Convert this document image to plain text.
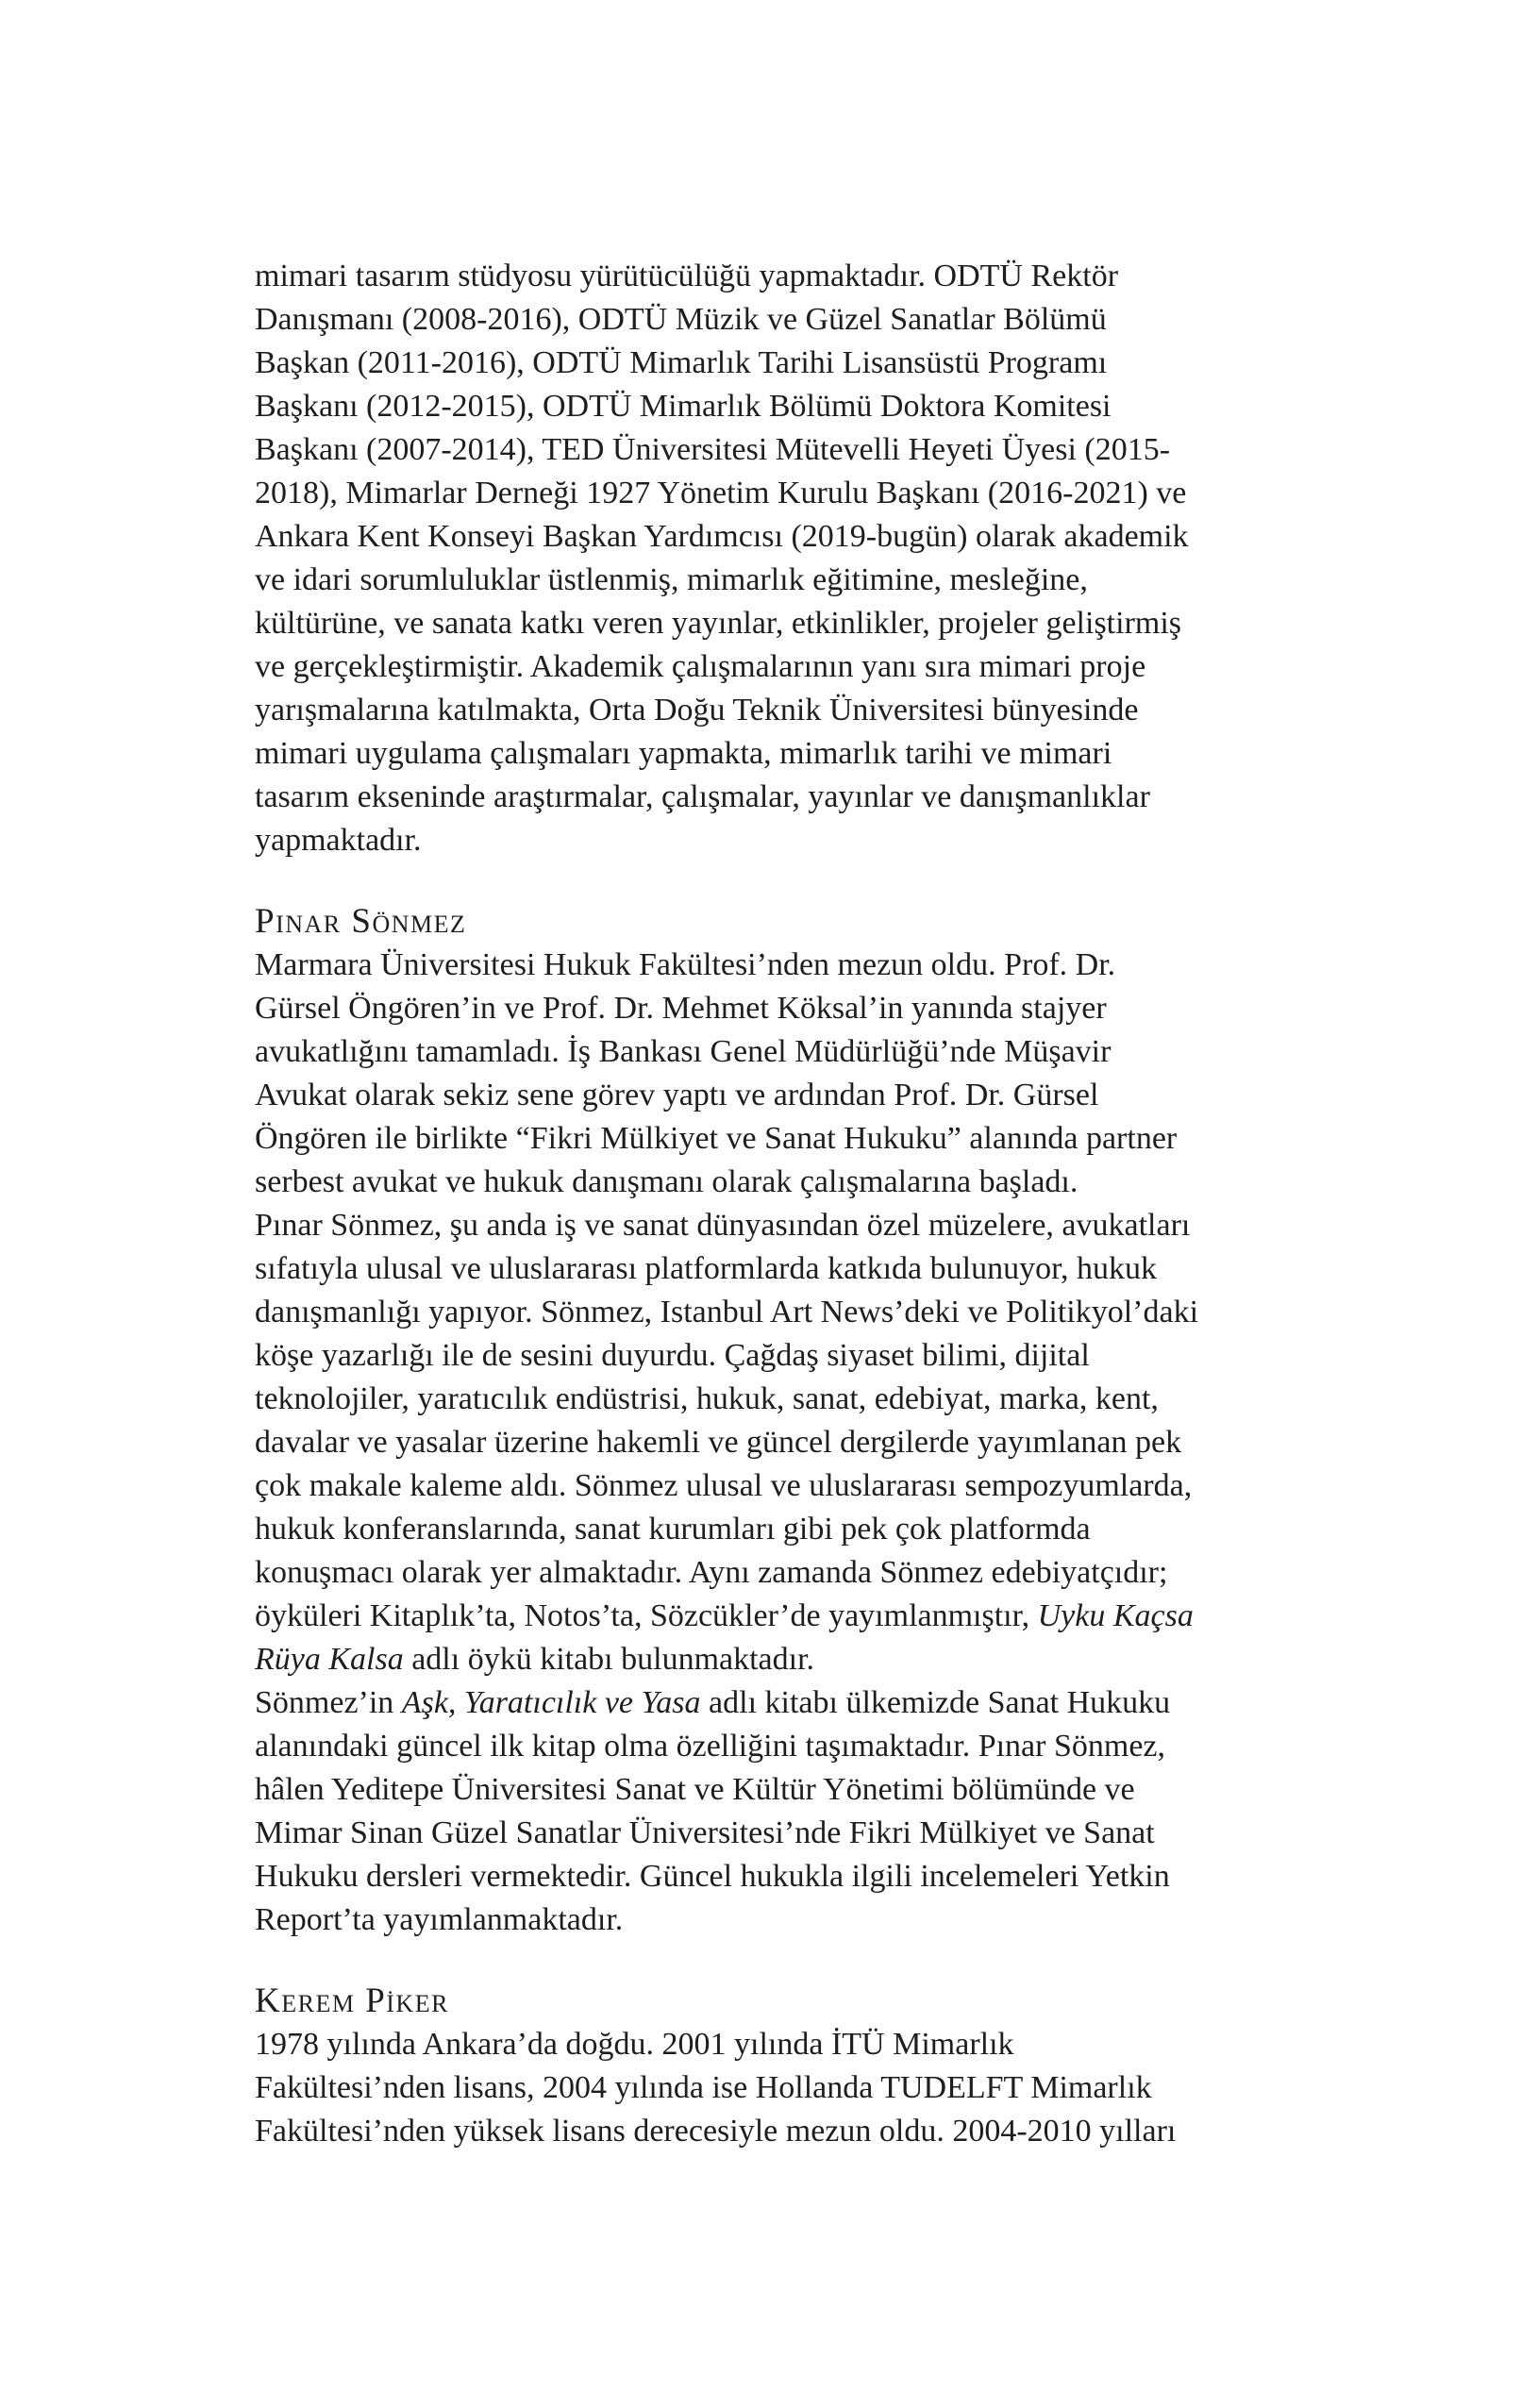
mimari tasarım stüdyosu yürütücülüğü yapmaktadır. ODTÜ Rektör
Danışmanı (2008-2016), ODTÜ Müzik ve Güzel Sanatlar Bölümü
Başkan (2011-2016), ODTÜ Mimarlık Tarihi Lisansüstü Programı
Başkanı (2012-2015), ODTÜ Mimarlık Bölümü Doktora Komitesi
Başkanı (2007-2014), TED Üniversitesi Mütevelli Heyeti Üyesi (2015-
2018), Mimarlar Derneği 1927 Yönetim Kurulu Başkanı (2016-2021) ve
Ankara Kent Konseyi Başkan Yardımcısı (2019-bugün) olarak akademik
ve idari sorumluluklar üstlenmiş, mimarlık eğitimine, mesleğine,
kültürüne, ve sanata katkı veren yayınlar, etkinlikler, projeler geliştirmiş
ve gerçekleştirmiştir. Akademik çalışmalarının yanı sıra mimari proje
yarışmalarına katılmakta, Orta Doğu Teknik Üniversitesi bünyesinde
mimari uygulama çalışmaları yapmakta, mimarlık tarihi ve mimari
tasarım ekseninde araştırmalar, çalışmalar, yayınlar ve danışmanlıklar
yapmaktadır.
Pınar Sönmez
Marmara Üniversitesi Hukuk Fakültesi’nden mezun oldu. Prof. Dr.
Gürsel Öngören’in ve Prof. Dr. Mehmet Köksal’in yanında stajyer
avukatlığını tamamladı. İş Bankası Genel Müdürlüğü’nde Müşavir
Avukat olarak sekiz sene görev yaptı ve ardından Prof. Dr. Gürsel
Öngören ile birlikte “Fikri Mülkiyet ve Sanat Hukuku” alanında partner
serbest avukat ve hukuk danışmanı olarak çalışmalarına başladı.
Pınar Sönmez, şu anda iş ve sanat dünyasından özel müzelere, avukatları
sıfatıyla ulusal ve uluslararası platformlarda katkıda bulunuyor, hukuk
danışmanlığı yapıyor. Sönmez, Istanbul Art News’deki ve Politikyol’daki
köşe yazarlığı ile de sesini duyurdu. Çağdaş siyaset bilimi, dijital
teknolojiler, yaratıcılık endüstrisi, hukuk, sanat, edebiyat, marka, kent,
davalar ve yasalar üzerine hakemli ve güncel dergilerde yayımlanan pek
çok makale kaleme aldı. Sönmez ulusal ve uluslararası sempozyumlarda,
hukuk konferanslarında, sanat kurumları gibi pek çok platformda
konuşmacı olarak yer almaktadır. Aynı zamanda Sönmez edebiyatçıdır;
öyküleri Kitaplık’ta, Notos’ta, Sözcükler’de yayımlanmıştır, Uyku Kaçsa
Rüya Kalsa adlı öykü kitabı bulunmaktadır.
Sönmez’in Aşk, Yaratıcılık ve Yasa adlı kitabı ülkemizde Sanat Hukuku
alanındaki güncel ilk kitap olma özelliğini taşımaktadır. Pınar Sönmez,
hâlen Yeditepe Üniversitesi Sanat ve Kültür Yönetimi bölümünde ve
Mimar Sinan Güzel Sanatlar Üniversitesi’nde Fikri Mülkiyet ve Sanat
Hukuku dersleri vermektedir. Güncel hukukla ilgili incelemeleri Yetkin
Report’ta yayımlanmaktadır.
Kerem Piker
1978 yılında Ankara’da doğdu. 2001 yılında İTÜ Mimarlık
Fakültesi’nden lisans, 2004 yılında ise Hollanda TUDELFT Mimarlık
Fakültesi’nden yüksek lisans derecesiyle mezun oldu. 2004-2010 yılları
